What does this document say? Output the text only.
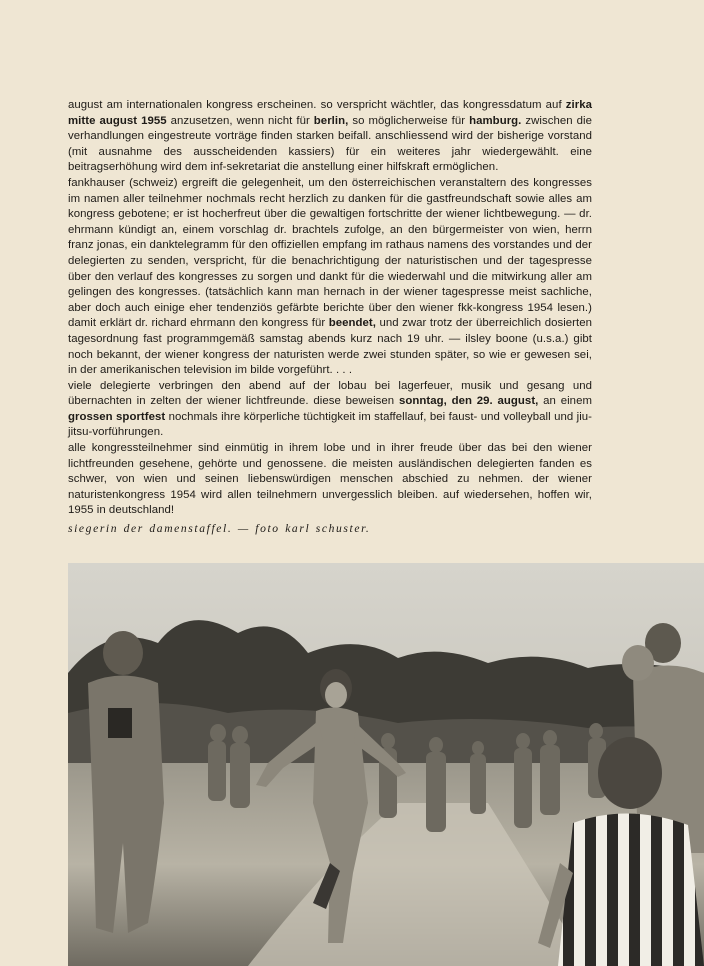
august am internationalen kongress erscheinen. so verspricht wächtler, das kongressdatum auf zirka mitte august 1955 anzusetzen, wenn nicht für berlin, so möglicherweise für hamburg. zwischen die verhandlungen eingestreute vorträge finden starken beifall. anschliessend wird der bisherige vorstand (mit ausnahme des ausscheidenden kassiers) für ein weiteres jahr wiedergewählt. eine beitragserhöhung wird dem inf-sekretariat die anstellung einer hilfskraft ermöglichen.

fankhauser (schweiz) ergreift die gelegenheit, um den österreichischen veranstaltern des kongresses im namen aller teilnehmer nochmals recht herzlich zu danken für die gastfreundschaft sowie alles am kongress gebotene; er ist hocherfreut über die gewaltigen fortschritte der wiener lichtbewegung. — dr. ehrmann kündigt an, einem vorschlag dr. brachtels zufolge, an den bürgermeister von wien, herrn franz jonas, ein danktelegramm für den offiziellen empfang im rathaus namens des vorstandes und der delegierten zu senden, verspricht, für die benachrichtigung der naturistischen und der tagespresse über den verlauf des kongresses zu sorgen und dankt für die wiederwahl und die mitwirkung aller am gelingen des kongresses. (tatsächlich kann man hernach in der wiener tagespresse meist sachliche, aber doch auch einige eher tendenziös gefärbte berichte über den wiener fkk-kongress 1954 lesen.) damit erklärt dr. richard ehrmann den kongress für beendet, und zwar trotz der überreichlich dosierten tagesordnung fast programmgemäß samstag abends kurz nach 19 uhr. — ilsley boone (u.s.a.) gibt noch bekannt, der wiener kongress der naturisten werde zwei stunden später, so wie er gewesen sei, in der amerikanischen television im bilde vorgeführt. . . .

viele delegierte verbringen den abend auf der lobau bei lagerfeuer, musik und gesang und übernachten in zelten der wiener lichtfreunde. diese beweisen sonntag, den 29. august, an einem grossen sportfest nochmals ihre körperliche tüchtigkeit im staffellauf, bei faust- und volleyball und jiu-jitsu-vorführungen.

alle kongressteilnehmer sind einmütig in ihrem lobe und in ihrer freude über das bei den wiener lichtfreunden gesehene, gehörte und genossene. die meisten ausländischen delegierten fanden es schwer, von wien und seinen liebenswürdigen menschen abschied zu nehmen. der wiener naturistenkongress 1954 wird allen teilnehmern unvergesslich bleiben. auf wiedersehen, hoffen wir, 1955 in deutschland!

siegerin der damenstaffel. — foto karl schuster.
